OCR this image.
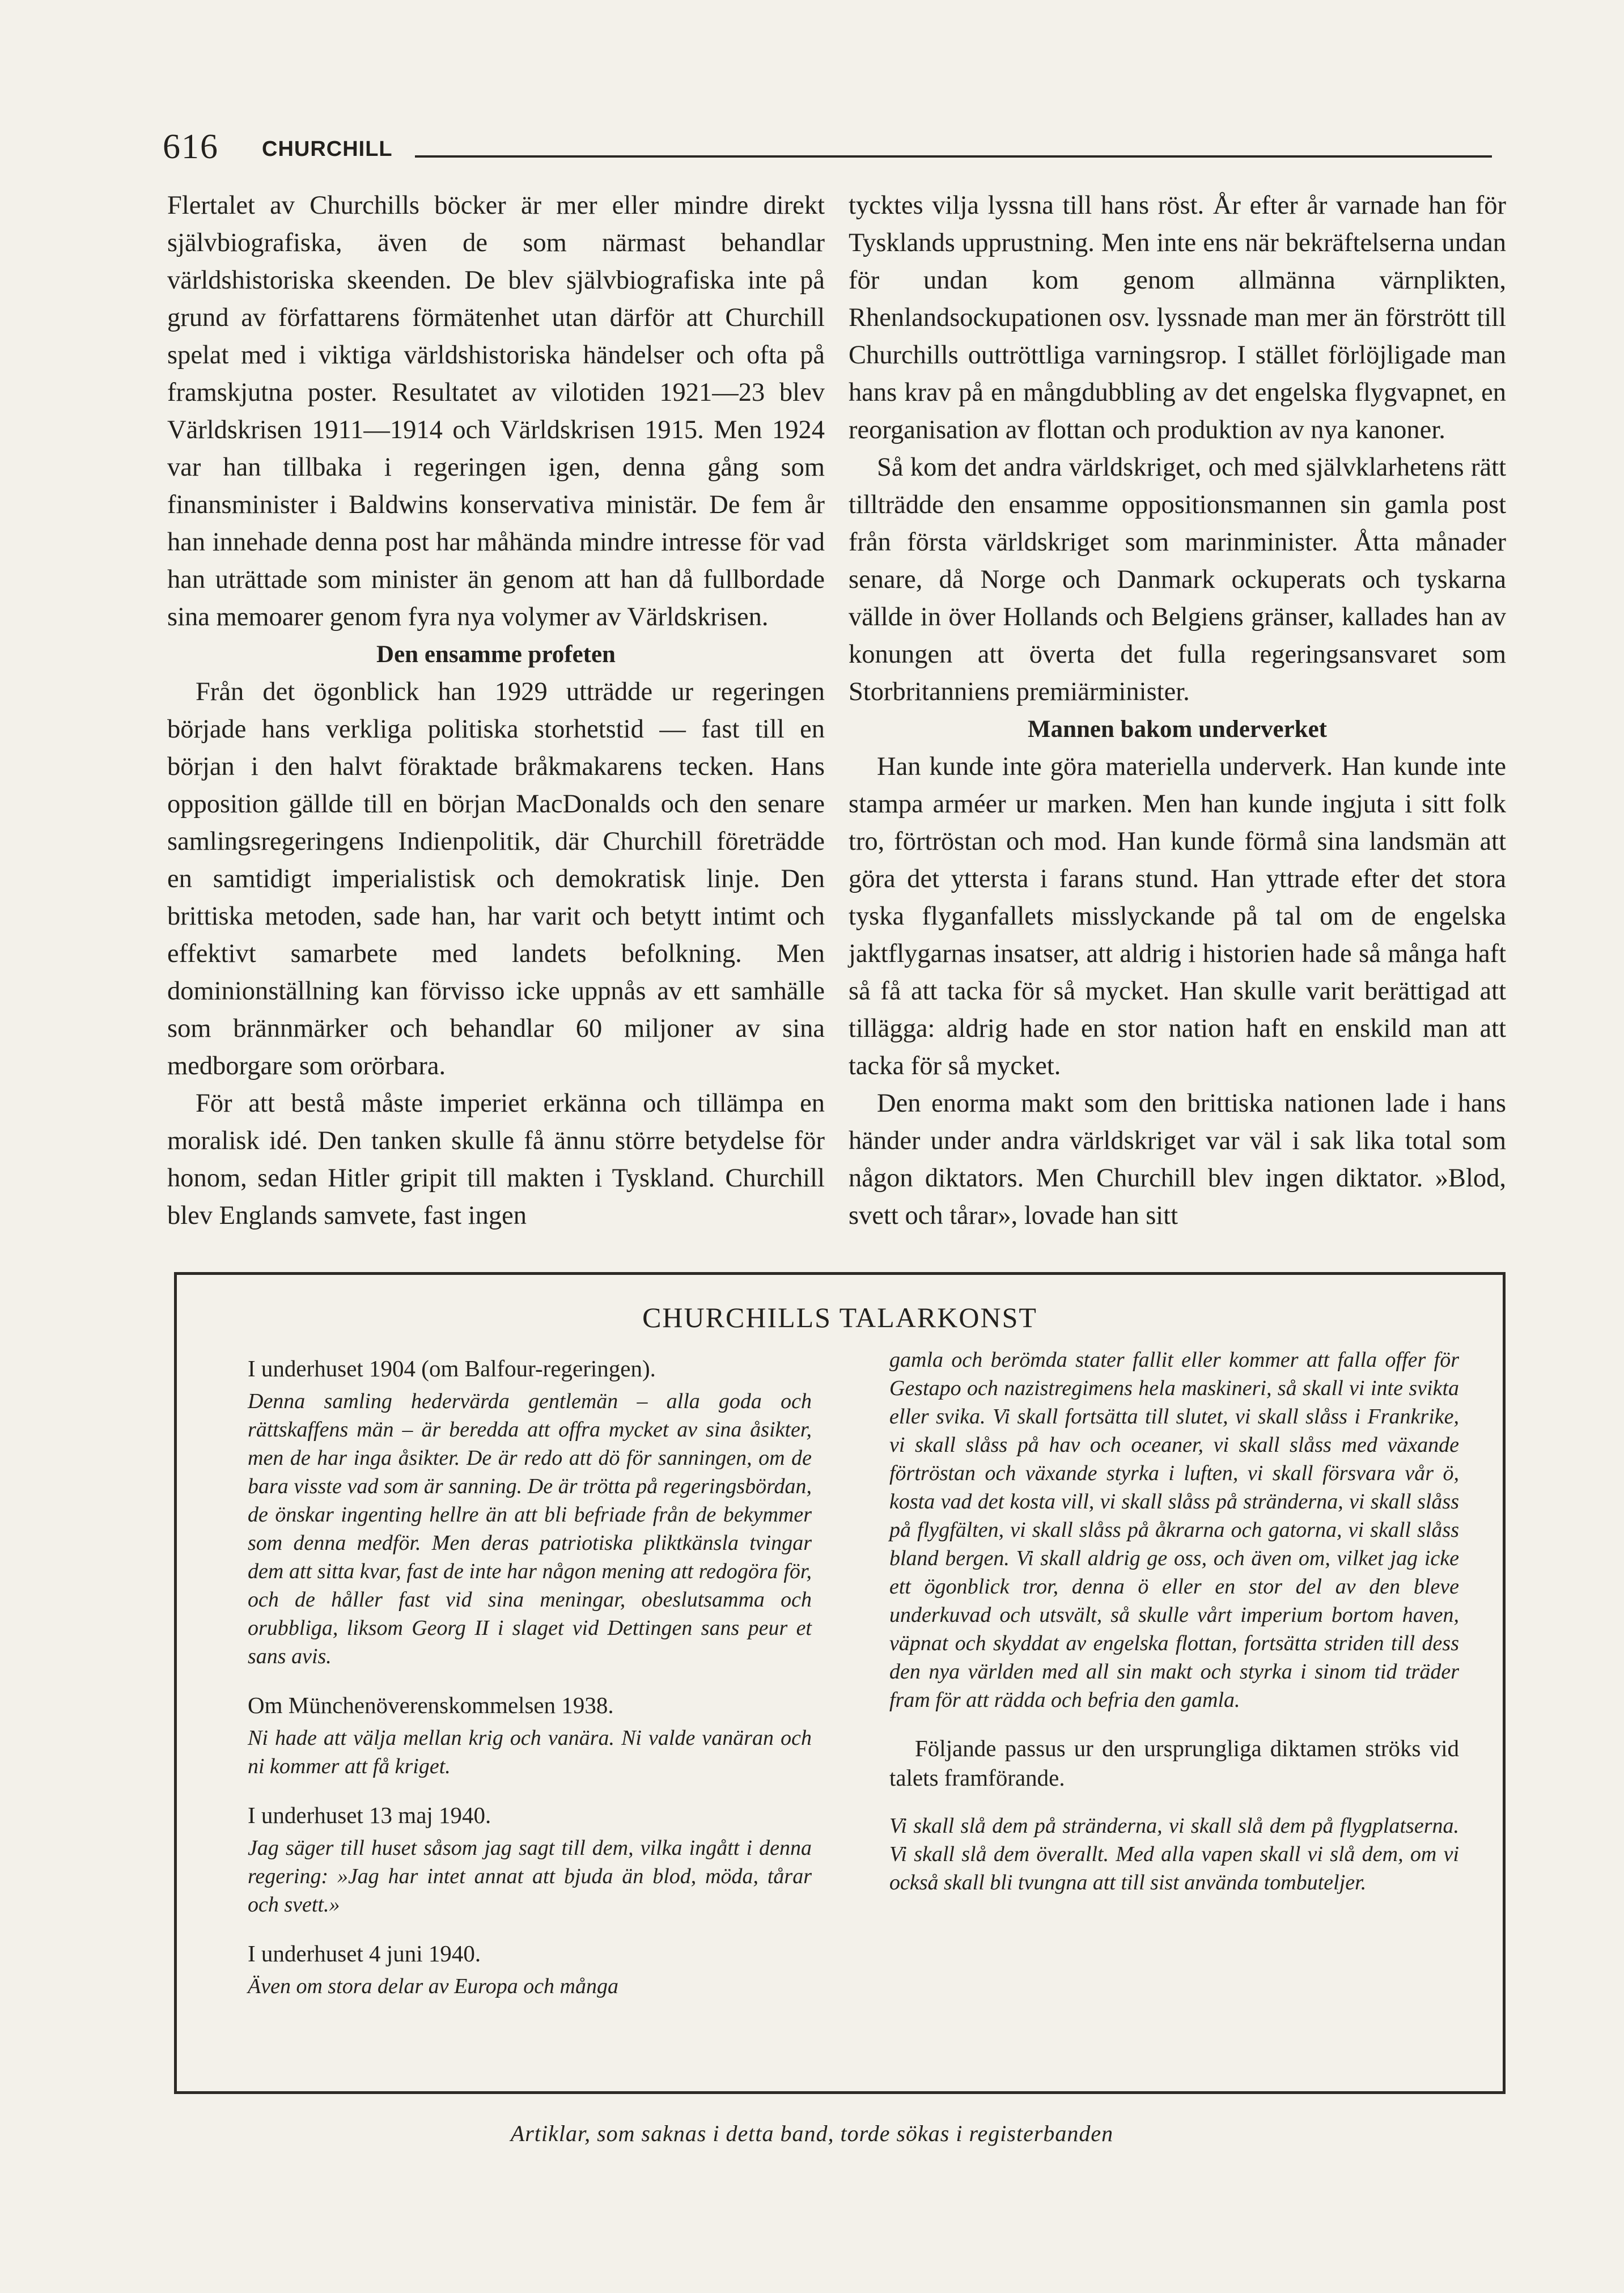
616 CHURCHILL

Flertalet av Churchills böcker är mer eller mindre direkt självbiografiska, även de som närmast behandlar världshistoriska skeenden. De blev självbiografiska inte på grund av författarens förmätenhet utan därför att Churchill spelat med i viktiga världshistoriska händelser och ofta på framskjutna poster. Resultatet av vilotiden 1921—23 blev Världskrisen 1911—1914 och Världskrisen 1915. Men 1924 var han tillbaka i regeringen igen, denna gång som finansminister i Baldwins konservativa ministär. De fem år han innehade denna post har måhända mindre intresse för vad han uträttade som minister än genom att han då fullbordade sina memoarer genom fyra nya volymer av Världskrisen.

Den ensamme profeten

Från det ögonblick han 1929 utträdde ur regeringen började hans verkliga politiska storhetstid — fast till en början i den halvt föraktade bråkmakarens tecken. Hans opposition gällde till en början MacDonalds och den senare samlingsregeringens Indienpolitik, där Churchill företrädde en samtidigt imperialistisk och demokratisk linje. Den brittiska metoden, sade han, har varit och betytt intimt och effektivt samarbete med landets befolkning. Men dominionställning kan förvisso icke uppnås av ett samhälle som brännmärker och behandlar 60 miljoner av sina medborgare som orörbara.

För att bestå måste imperiet erkänna och tillämpa en moralisk idé. Den tanken skulle få ännu större betydelse för honom, sedan Hitler gripit till makten i Tyskland. Churchill blev Englands samvete, fast ingen

tycktes vilja lyssna till hans röst. År efter år varnade han för Tysklands upprustning. Men inte ens när bekräftelserna undan för undan kom genom allmänna värnplikten, Rhenlandsockupationen osv. lyssnade man mer än förstrött till Churchills outtröttliga varningsrop. I stället förlöjligade man hans krav på en mångdubbling av det engelska flygvapnet, en reorganisation av flottan och produktion av nya kanoner.

Så kom det andra världskriget, och med självklarhetens rätt tillträdde den ensamme oppositionsmannen sin gamla post från första världskriget som marinminister. Åtta månader senare, då Norge och Danmark ockuperats och tyskarna vällde in över Hollands och Belgiens gränser, kallades han av konungen att överta det fulla regeringsansvaret som Storbritanniens premiärminister.

Mannen bakom underverket

Han kunde inte göra materiella underverk. Han kunde inte stampa arméer ur marken. Men han kunde ingjuta i sitt folk tro, förtröstan och mod. Han kunde förmå sina landsmän att göra det yttersta i farans stund. Han yttrade efter det stora tyska flyganfallets misslyckande på tal om de engelska jaktflygarnas insatser, att aldrig i historien hade så många haft så få att tacka för så mycket. Han skulle varit berättigad att tillägga: aldrig hade en stor nation haft en enskild man att tacka för så mycket.

Den enorma makt som den brittiska nationen lade i hans händer under andra världskriget var väl i sak lika total som någon diktators. Men Churchill blev ingen diktator. »Blod, svett och tårar», lovade han sitt

CHURCHILLS TALARKONST
I underhuset 1904 (om Balfour-regeringen).
Denna samling hedervärda gentlemän – alla goda och rättskaffens män – är beredda att offra mycket av sina åsikter, men de har inga åsikter. De är redo att dö för sanningen, om de bara visste vad som är sanning. De är trötta på regeringsbördan, de önskar ingenting hellre än att bli befriade från de bekymmer som denna medför. Men deras patriotiska pliktkänsla tvingar dem att sitta kvar, fast de inte har någon mening att redogöra för, och de håller fast vid sina meningar, obeslutsamma och orubbliga, liksom Georg II i slaget vid Dettingen sans peur et sans avis.
Om Münchenöverenskommelsen 1938.
Ni hade att välja mellan krig och vanära. Ni valde vanäran och ni kommer att få kriget.
I underhuset 13 maj 1940.
Jag säger till huset såsom jag sagt till dem, vilka ingått i denna regering: »Jag har intet annat att bjuda än blod, möda, tårar och svett.»
I underhuset 4 juni 1940.
Även om stora delar av Europa och många
gamla och berömda stater fallit eller kommer att falla offer för Gestapo och nazistregimens hela maskineri, så skall vi inte svikta eller svika. Vi skall fortsätta till slutet, vi skall slåss i Frankrike, vi skall slåss på hav och oceaner, vi skall slåss med växande förtröstan och växande styrka i luften, vi skall försvara vår ö, kosta vad det kosta vill, vi skall slåss på stränderna, vi skall slåss på flygfälten, vi skall slåss på åkrarna och gatorna, vi skall slåss bland bergen. Vi skall aldrig ge oss, och även om, vilket jag icke ett ögonblick tror, denna ö eller en stor del av den bleve underkuvad och utsvält, så skulle vårt imperium bortom haven, väpnat och skyddat av engelska flottan, fortsätta striden till dess den nya världen med all sin makt och styrka i sinom tid träder fram för att rädda och befria den gamla.
Följande passus ur den ursprungliga diktamen ströks vid talets framförande.
Vi skall slå dem på stränderna, vi skall slå dem på flygplatserna. Vi skall slå dem överallt. Med alla vapen skall vi slå dem, om vi också skall bli tvungna att till sist använda tombuteljer.
Artiklar, som saknas i detta band, torde sökas i registerbanden
